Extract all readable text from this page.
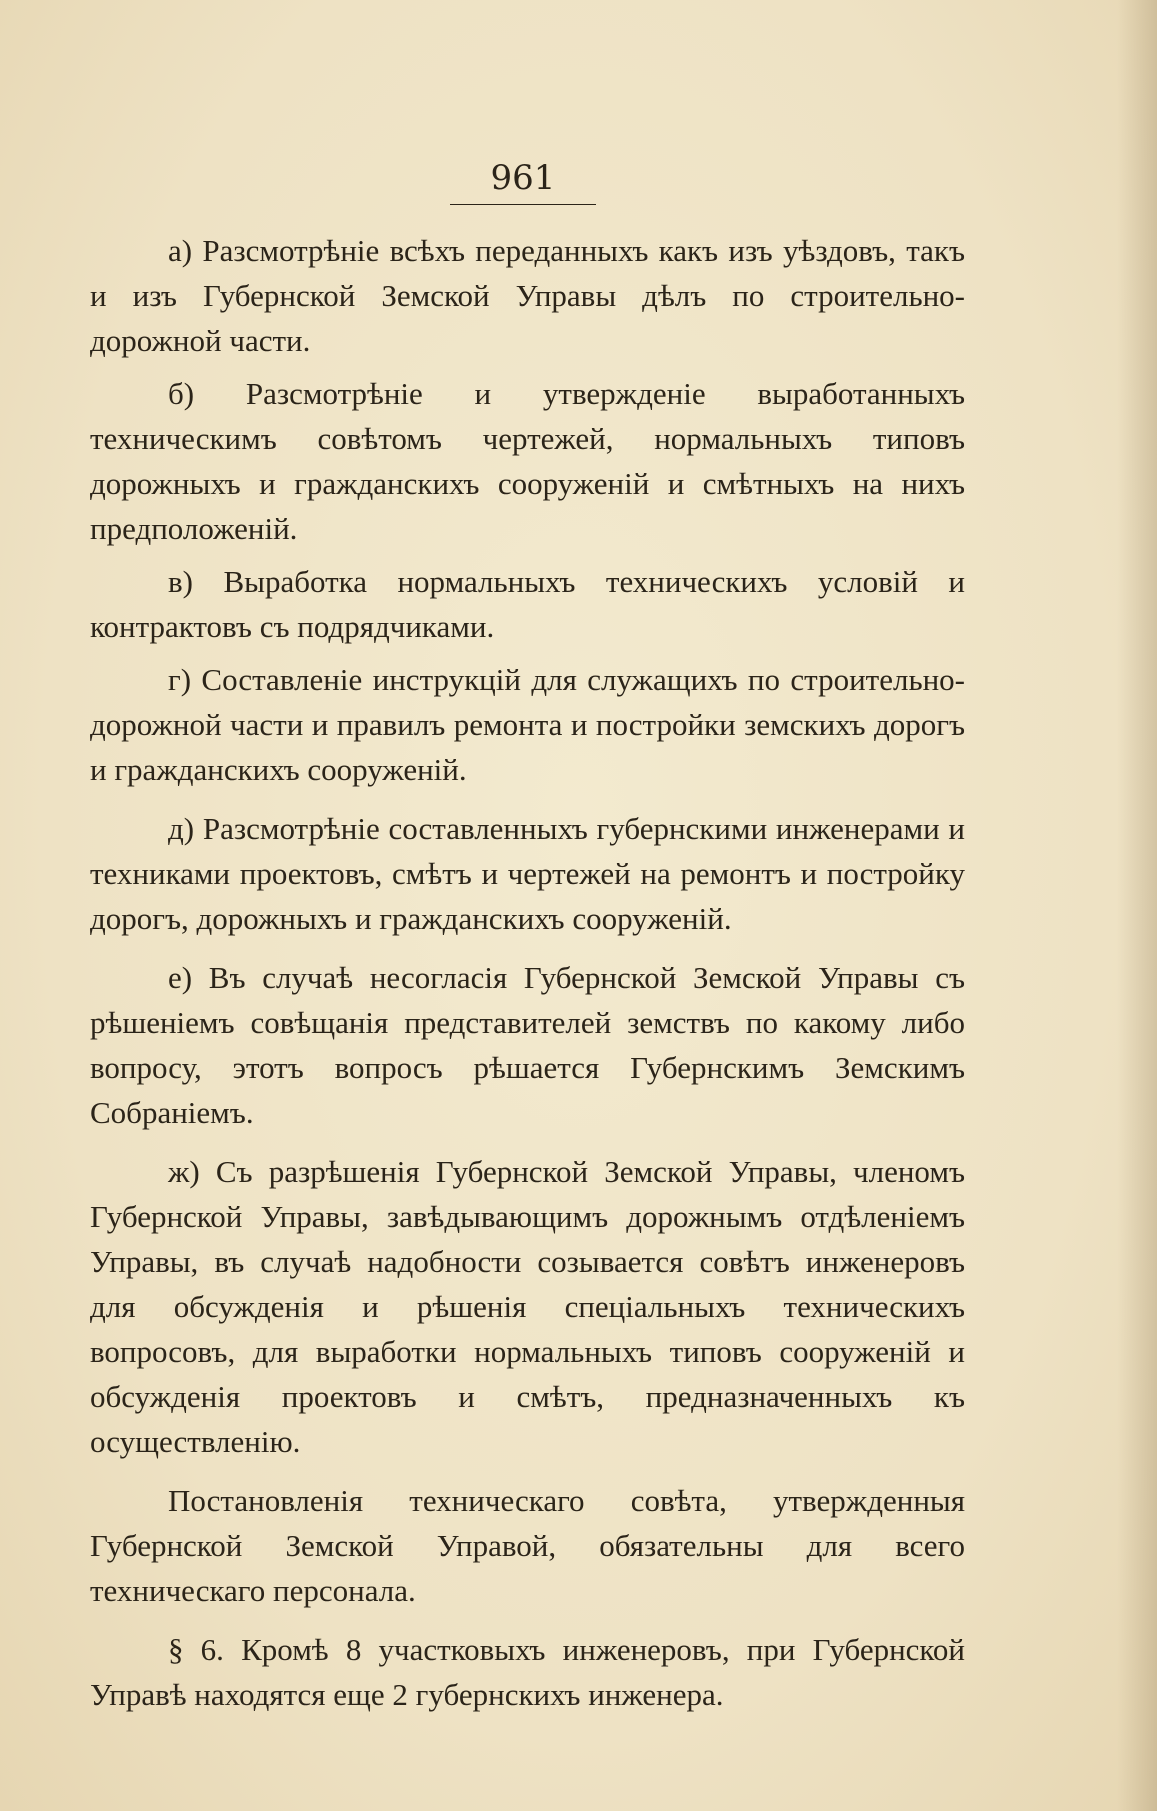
961

а) Разсмотрѣніе всѣхъ переданныхъ какъ изъ уѣздовъ, такъ и изъ Губернской Земской Управы дѣлъ по строительно-дорожной части.

б) Разсмотрѣніе и утвержденіе выработанныхъ техническимъ совѣтомъ чертежей, нормальныхъ типовъ дорожныхъ и гражданскихъ сооруженій и смѣтныхъ на нихъ предположеній.

в) Выработка нормальныхъ техническихъ условій и контрактовъ съ подрядчиками.

г) Составленіе инструкцій для служащихъ по строительно-дорожной части и правилъ ремонта и постройки земскихъ дорогъ и гражданскихъ сооруженій.

д) Разсмотрѣніе составленныхъ губернскими инженерами и техниками проектовъ, смѣтъ и чертежей на ремонтъ и постройку дорогъ, дорожныхъ и гражданскихъ сооруженій.

е) Въ случаѣ несогласія Губернской Земской Управы съ рѣшеніемъ совѣщанія представителей земствъ по какому либо вопросу, этотъ вопросъ рѣшается Губернскимъ Земскимъ Собраніемъ.

ж) Съ разрѣшенія Губернской Земской Управы, членомъ Губернской Управы, завѣдывающимъ дорожнымъ отдѣленіемъ Управы, въ случаѣ надобности созывается совѣтъ инженеровъ для обсужденія и рѣшенія спеціальныхъ техническихъ вопросовъ, для выработки нормальныхъ типовъ сооруженій и обсужденія проектовъ и смѣтъ, предназначенныхъ къ осуществленію.

Постановленія техническаго совѣта, утвержденныя Губернской Земской Управой, обязательны для всего техническаго персонала.

§ 6. Кромѣ 8 участковыхъ инженеровъ, при Губернской Управѣ находятся еще 2 губернскихъ инженера.
